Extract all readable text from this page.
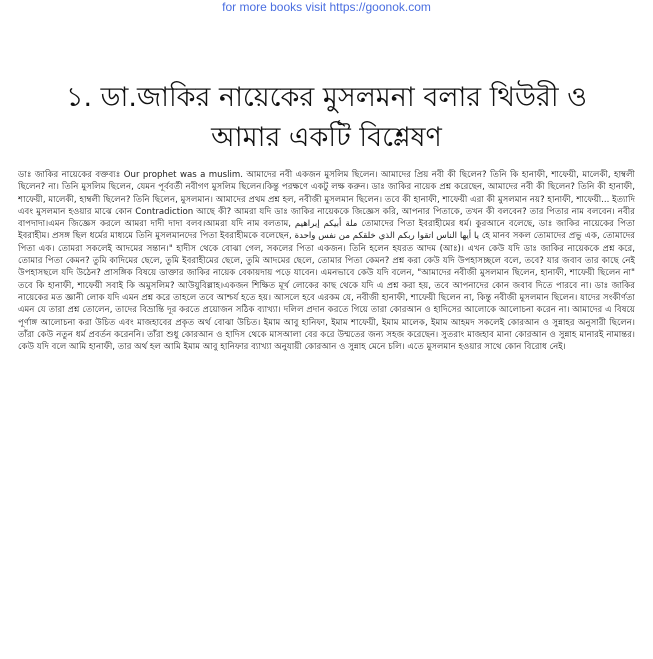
for more books visit https://goonok.com
১. ডা.জাকির নায়েকের মুসলমনা বলার থিউরী ও আমার একটি বিশ্লেষণ
ডাঃ জাকির নায়েকের বক্তব্যঃ Our prophet was a muslim. আমাদের নবী একজন মুসলিম ছিলেন। আমাদের প্রিয় নবী কী ছিলেন? তিনি কি হানাফী, শাফেয়ী, মালেকী, হাম্বলী ছিলেন? না। তিনি মুসলিম ছিলেন, যেমন পূর্ববর্তী নবীগণ মুসলিম ছিলেন।কিন্তু পরক্ষণে একটু লক্ষ করুন। ডাঃ জাকির নায়েক প্রশ্ন করেছেন, আমাদের নবী কী ছিলেন? তিনি কী হানাফী, শাফেয়ী, মালেকী, হাম্বলী ছিলেন? তিনি ছিলেন, মুসলমান। আমাদের প্রথম প্রশ্ন হল, নবীজী মুসলমান ছিলেন। তবে কী হানাফী, শাফেয়ী এরা কী মুসলমান নয়? হানাফী, শাফেয়ী... ইত্যাদি এবং মুসলমান হওয়ার মাঝে কোন Contradiction আছে কী? আমরা যদি ডাঃ জাকির নায়েককে জিজ্ঞেস করি, আপনার পিতাকে, তখন কী বলবেন? তার পিতার নাম বলবেন। নবীর বাপদাদা।এমন জিজ্ঞেস করলে আমরা দাদী দাদা বলব।আমরা যদি নাম বলতাম, ملة أبيكم إبراهيم তোমাদের পিতা ইবরাহীমের ধর্ম। কুরআনে বলেছে, ডাঃ জাকির নায়েকের পিতা ইবরাহীম। প্রসঙ্গ ছিল ধর্মের মাধ্যমে তিনি মুসলমানদের পিতা ইবরাহীমকে বলেছেন, يا أيها الناس اتقوا ربكم الذي خلقكم من نفس واحدة হে মানব সকল তোমাদের প্রভু এক, তোমাদের পিতা এক। তোমরা সকলেই আদমের সন্তান।" হাদীস থেকে বোঝা গেল, সকলের পিতা একজন। তিনি হলেন হযরত আদম (আঃ)। এখন কেউ যদি ডাঃ জাকির নায়েককে প্রশ্ন করে, তোমার পিতা কেমন? তুমি কাদিমের ছেলে, তুমি ইবরাহীমের ছেলে, তুমি আদমের ছেলে, তোমার পিতা কেমন? প্রশ্ন করা কেউ যদি উপহাসচ্ছলে বলে, তবে? যার জবাব তার কাছে নেই উপহাসছলে যদি উঠেন? প্রাসঙ্গিক বিষয়ে ডাক্তার জাকির নায়েক বেকায়দায় পড়ে যাবেন। এমনভাবে কেউ যদি বলেন, "আমাদের নবীজী মুসলমান ছিলেন, হানাফী, শাফেয়ী ছিলেন না" তবে কি হানাফী, শাফেয়ী সবাই কি অমুসলিম? আউযুবিল্লাহ।একজন শিক্ষিত মূর্খ লোকের কাছ থেকে যদি এ প্রশ্ন করা হয়, তবে আপনাদের কোন জবাব দিতে পারবে না। ডাঃ জাকির নায়েকের মত জ্ঞানী লোক যদি এমন প্রশ্ন করে তাহলে তবে আশ্চর্য হতে হয়। আসলে হবে এরকম যে, নবীজী হানাফী, শাফেয়ী ছিলেন না, কিন্তু নবীজী মুসলমান ছিলেন। যাদের সংকীর্ণতা এমন যে তারা প্রশ্ন তোলেন, তাদের বিভ্রান্তি দূর করতে প্রয়োজন সঠিক ব্যাখ্যা। দলিল প্রদান করতে গিয়ে তারা কোরআন ও হাদিসের আলোকে আলোচনা করেন না। আমাদের এ বিষয়ে পূর্ণাঙ্গ আলোচনা করা উচিত এবং মাজহাবের প্রকৃত অর্থ বোঝা উচিত। ইমাম আবু হানিফা, ইমাম শাফেয়ী, ইমাম মালেক, ইমাম আহমদ সকলেই কোরআন ও সুন্নাহর অনুসারী ছিলেন। তাঁরা কেউ নতুন ধর্ম প্রবর্তন করেননি। তাঁরা শুধু কোরআন ও হাদিস থেকে মাসআলা বের করে উম্মতের জন্য সহজ করেছেন। সুতরাং মাজহাব মানা কোরআন ও সুন্নাহ মানারই নামান্তর। কেউ যদি বলে আমি হানাফী, তার অর্থ হল আমি ইমাম আবু হানিফার ব্যাখ্যা অনুযায়ী কোরআন ও সুন্নাহ মেনে চলি। এতে মুসলমান হওয়ার সাথে কোন বিরোধ নেই।
